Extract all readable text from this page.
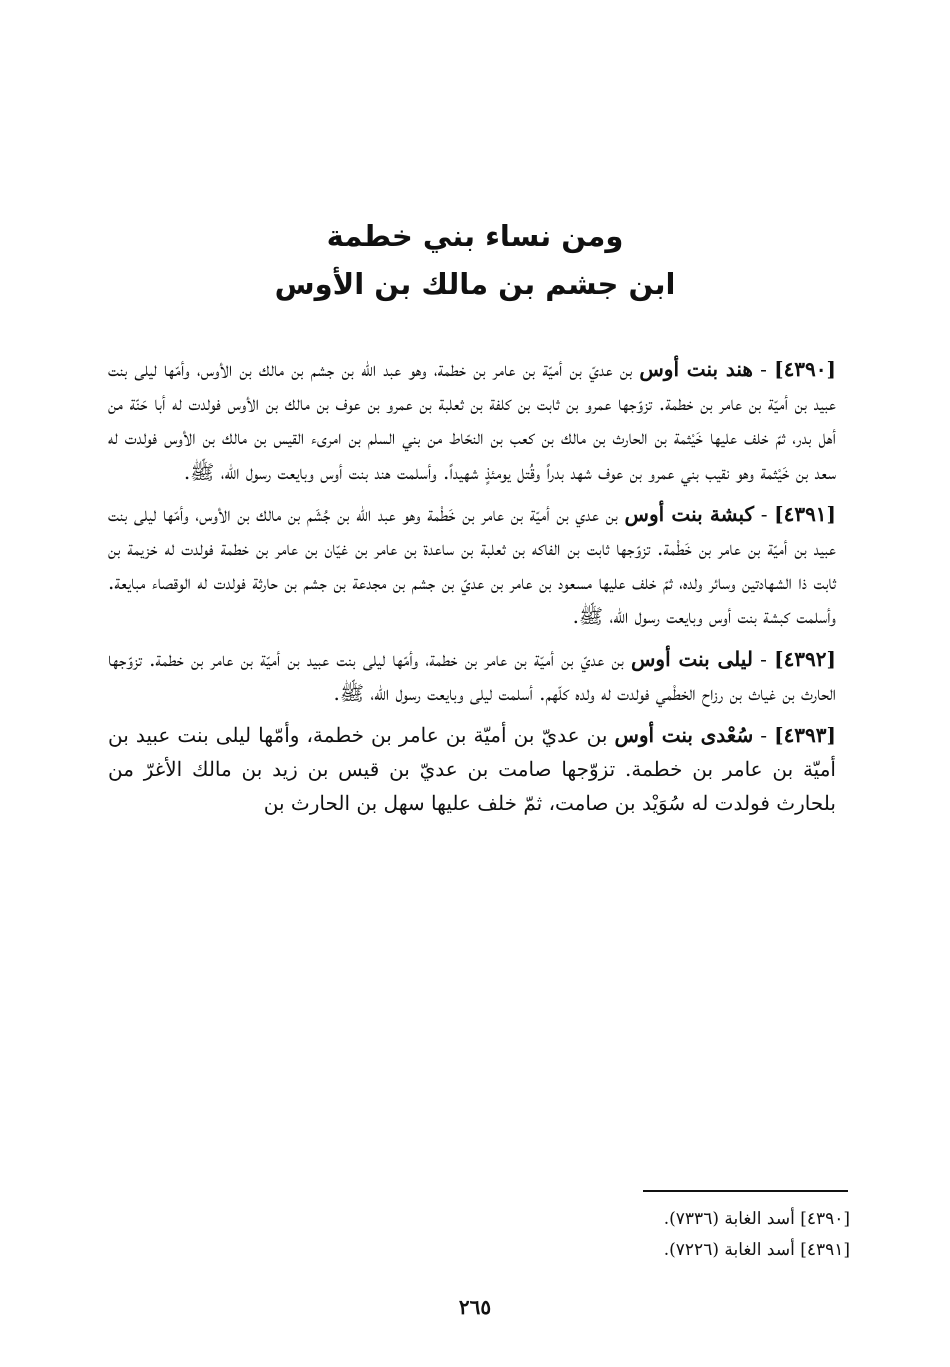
ومن نساء بني خطمة

ابن جشم بن مالك بن الأوس

[٤٣٩٠] - هند بنت أوس بن عديّ بن أميّة بن عامر بن خطمة، وهو عبد الله بن جشم بن مالك بن الأوس، وأمّها ليلى بنت عبيد بن أميّة بن عامر بن خطمة. تزوّجها عمرو بن ثابت بن كلفة بن ثعلبة بن عمرو بن عوف بن مالك بن الأوس فولدت له أبا حَنّة من أهل بدر، ثمّ خلف عليها خَيْثمة بن الحارث بن مالك بن كعب بن النحّاط من بني السلم بن امرىء القيس بن مالك بن الأوس فولدت له سعد بن خَيْثمة وهو نقيب بني عمرو بن عوف شهد بدراً وقُتل يومئذٍ شهيداً. وأسلمت هند بنت أوس وبايعت رسول الله، ﷺ.

[٤٣٩١] - كبشة بنت أوس بن عدي بن أميّة بن عامر بن خَطْمة وهو عبد الله بن جُشَم بن مالك بن الأوس، وأمّها ليلى بنت عبيد بن أميّة بن عامر بن خَطْمة. تزوّجها ثابت بن الفاكه بن ثعلبة بن ساعدة بن عامر بن غيّان بن عامر بن خطمة فولدت له خزيمة بن ثابت ذا الشهادتين وسائر ولده، ثمّ خلف عليها مسعود بن عامر بن عديّ بن جشم بن مجدعة بن جشم بن حارثة فولدت له الوقصاء مبايعة. وأسلمت كبشة بنت أوس وبايعت رسول الله، ﷺ.

[٤٣٩٢] - ليلى بنت أوس بن عديّ بن أميّة بن عامر بن خطمة، وأمّها ليلى بنت عبيد بن أميّة بن عامر بن خطمة. تزوّجها الحارث بن غياث بن رزاح الخطْمي فولدت له ولده كلّهم. أسلمت ليلى وبايعت رسول الله، ﷺ.

[٤٣٩٣] - سُعْدى بنت أوس بن عديّ بن أميّة بن عامر بن خطمة، وأمّها ليلى بنت عبيد بن أميّة بن عامر بن خطمة. تزوّجها صامت بن عديّ بن قيس بن زيد بن مالك الأغرّ من بلحارث فولدت له سُوَيْد بن صامت، ثمّ خلف عليها سهل بن الحارث بن

[٤٣٩٠] أسد الغابة (٧٣٣٦).

[٤٣٩١] أسد الغابة (٧٢٢٦).

٢٦٥
